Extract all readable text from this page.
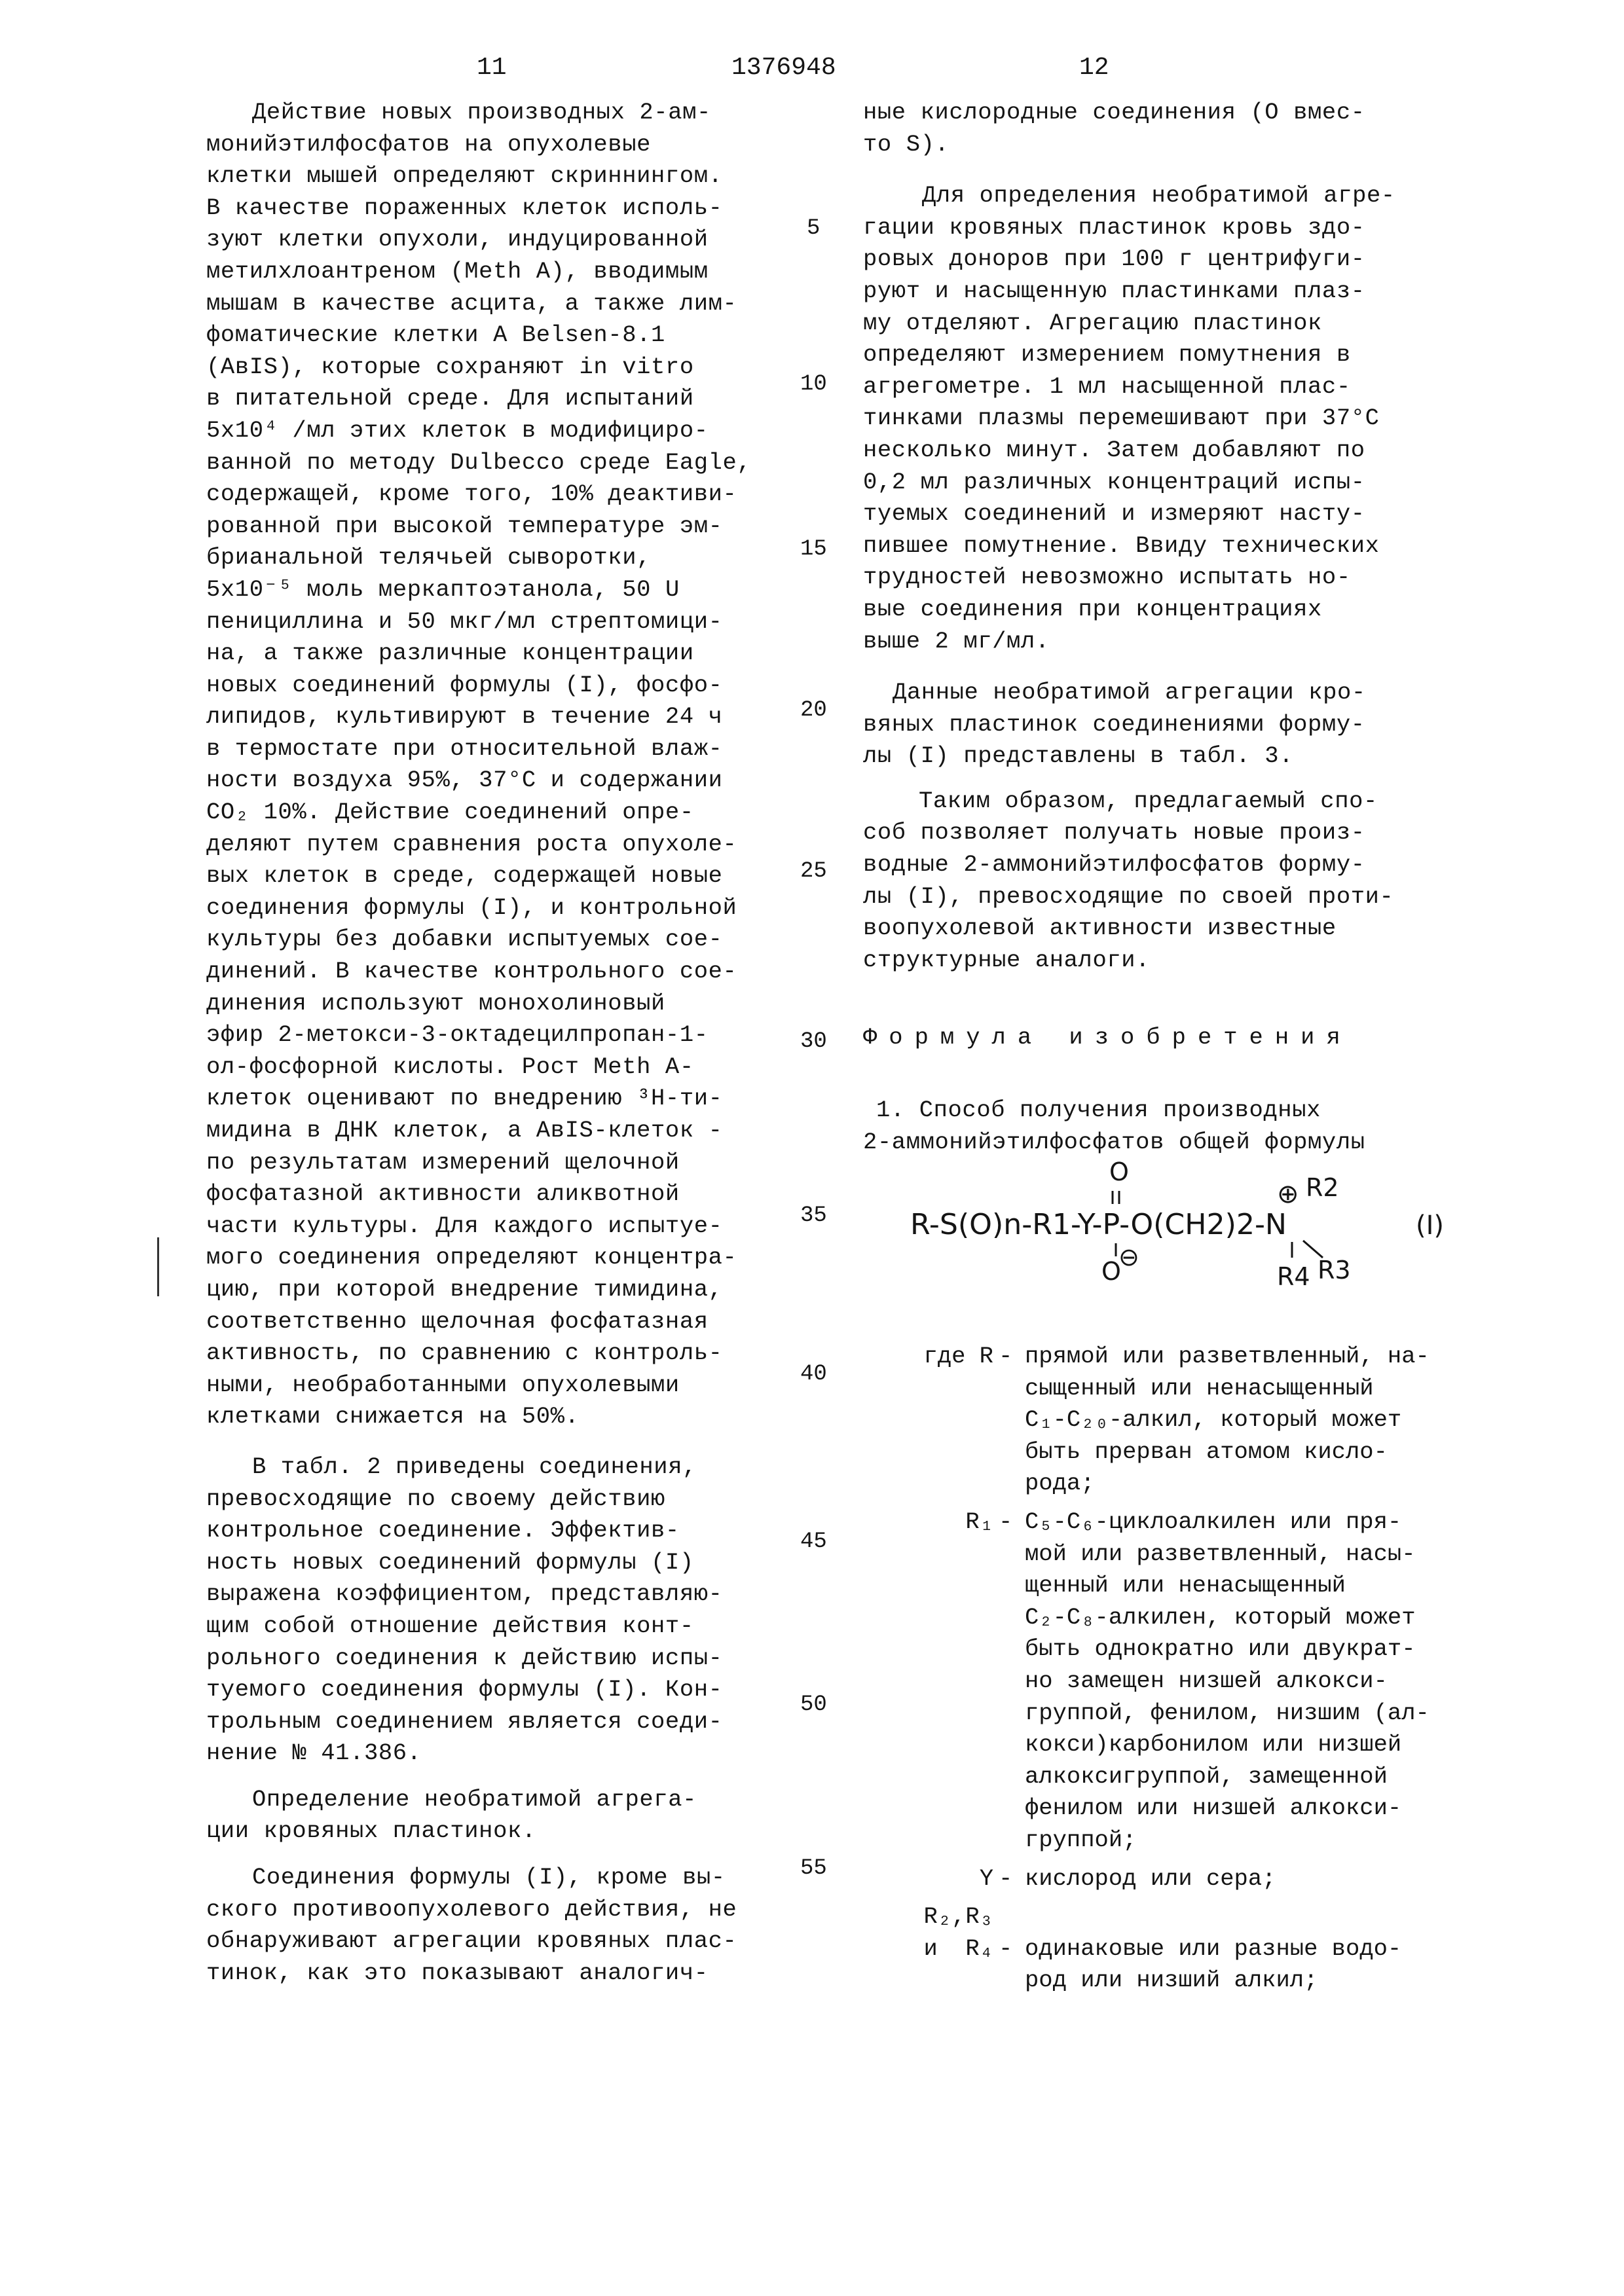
11	1376948	12
Действие новых производных 2-ам-
монийэтилфосфатов на опухолевые
клетки мышей определяют скриннингом.
В качестве пораженных клеток исполь-
зуют клетки опухоли, индуцированной
метилхлоантреном (Meth A), вводимым
мышам в качестве асцита, а также лим-
фоматические клетки A Belsen-8.1
(AвIS), которые сохраняют in vitro
в питательной среде. Для испытаний
5x10⁴ /мл этих клеток в модифициро-
ванной по методу Dulbecco среде Eagle,
содержащей, кроме того, 10% деактиви-
рованной при высокой температуре эм-
брианальной телячьей сыворотки,
5x10⁻⁵ моль меркаптоэтанола, 50 U
пенициллина и 50 мкг/мл стрептомици-
на, а также различные концентрации
новых соединений формулы (I), фосфо-
липидов, культивируют в течение 24 ч
в термостате при относительной влаж-
ности воздуха 95%, 37°С и содержании
CO₂ 10%. Действие соединений опре-
деляют путем сравнения роста опухоле-
вых клеток в среде, содержащей новые
соединения формулы (I), и контрольной
культуры без добавки испытуемых сое-
динений. В качестве контрольного сое-
динения используют монохолиновый
эфир 2-метокси-3-октадецилпропан-1-
ол-фосфорной кислоты. Рост Meth A-
клеток оценивают по внедрению ³H-ти-
мидина в ДНК клеток, а AвIS-клеток -
по результатам измерений щелочной
фосфатазной активности аликвотной
части культуры. Для каждого испытуе-
мого соединения определяют концентра-
цию, при которой внедрение тимидина,
соответственно щелочная фосфатазная
активность, по сравнению с контроль-
ными, необработанными опухолевыми
клетками снижается на 50%.
В табл. 2 приведены соединения,
превосходящие по своему действию
контрольное соединение. Эффектив-
ность новых соединений формулы (I)
выражена коэффициентом, представляю-
щим собой отношение действия конт-
рольного соединения к действию испы-
туемого соединения формулы (I). Кон-
трольным соединением является соеди-
нение № 41.386.
Определение необратимой агрега-
ции кровяных пластинок.
Соединения формулы (I), кроме вы-
ского противоопухолевого действия, не
обнаруживают агрегации кровяных плас-
тинок, как это показывают аналогич-
ные кислородные соединения (O вмес-
то S).
Для определения необратимой агре-
гации кровяных пластинок кровь здо-
ровых доноров при 100 г центрифуги-
руют и насыщенную пластинками плаз-
му отделяют. Агрегацию пластинок
определяют измерением помутнения в
агрегометре. 1 мл насыщенной плас-
тинками плазмы перемешивают при 37°С
несколько минут. Затем добавляют по
0,2 мл различных концентраций испы-
туемых соединений и измеряют насту-
пившее помутнение. Ввиду технических
трудностей невозможно испытать но-
вые соединения при концентрациях
выше 2 мг/мл.
Данные необратимой агрегации кро-
вяных пластинок соединениями форму-
лы (I) представлены в табл. 3.
Таким образом, предлагаемый спо-
соб позволяет получать новые произ-
водные 2-аммонийэтилфосфатов форму-
лы (I), превосходящие по своей проти-
воопухолевой активности известные
структурные аналоги.
Формула изобретения
1. Способ получения производных
2-аммонийэтилфосфатов общей формулы
5
10
15
20
25
30
35
40
45
50
55
O
R-S(O)n-R1-Y-P-O(CH2)2-N
⊕ R2
R4 R3
O
⊖
(I)
где R - прямой или разветвленный, на-
сыщенный или ненасыщенный
C₁-C₂₀-алкил, который может
быть прерван атомом кисло-
рода;
R₁ - C₅-C₆-циклоалкилен или пря-
мой или разветвленный, насы-
щенный или ненасыщенный
C₂-C₈-алкилен, который может
быть однократно или двукрат-
но замещен низшей алкокси-
группой, фенилом, низшим (ал-
кокси)карбонилом или низшей
алкоксигруппой, замещенной
фенилом или низшей алкокси-
группой;
Y - кислород или сера;
R₂,R₃
и  R₄ - одинаковые или разные водо-
род или низший алкил;
